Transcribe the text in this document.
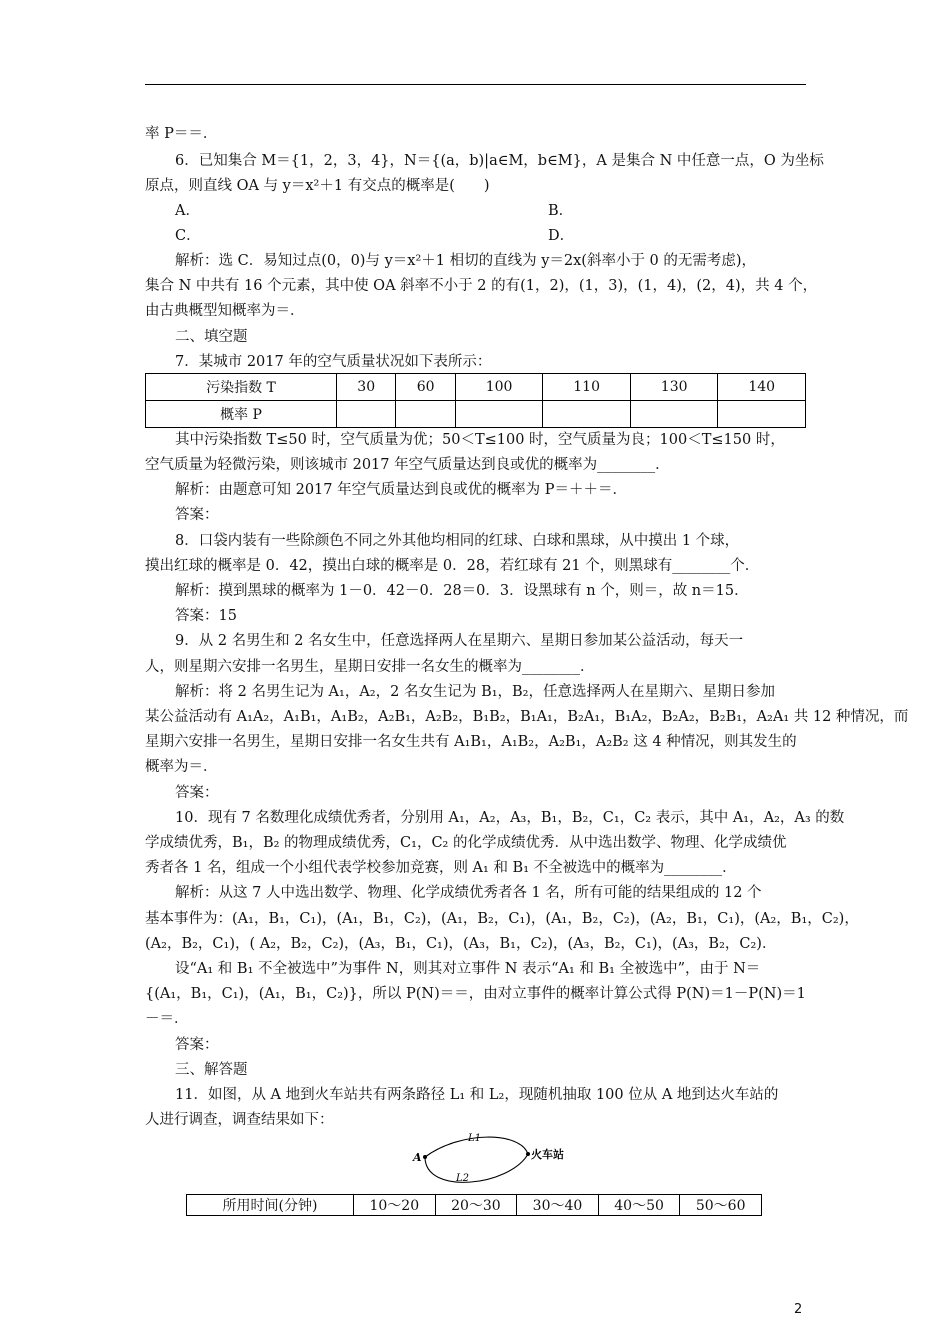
率 P＝＝．
6．已知集合 M＝{1，2，3，4}，N＝{(a，b)|a∈M，b∈M}，A 是集合 N 中任意一点，O 为坐标
原点，则直线 OA 与 y＝x²＋1 有交点的概率是(　　)
A．	B．
C．	D．
解析：选 C．易知过点(0，0)与 y＝x²＋1 相切的直线为 y＝2x(斜率小于 0 的无需考虑)，
集合 N 中共有 16 个元素，其中使 OA 斜率不小于 2 的有(1，2)，(1，3)，(1，4)，(2，4)，共 4 个，
由古典概型知概率为＝．
二、填空题
7．某城市 2017 年的空气质量状况如下表所示：
污染指数 T	30	60	100	110	130	140
概率 P						
其中污染指数 T≤50 时，空气质量为优；50＜T≤100 时，空气质量为良；100＜T≤150 时，
空气质量为轻微污染，则该城市 2017 年空气质量达到良或优的概率为________．
解析：由题意可知 2017 年空气质量达到良或优的概率为 P＝＋＋＝．
答案：
8．口袋内装有一些除颜色不同之外其他均相同的红球、白球和黑球，从中摸出 1 个球，
摸出红球的概率是 0．42，摸出白球的概率是 0．28，若红球有 21 个，则黑球有________个．
解析：摸到黑球的概率为 1－0．42－0．28＝0．3．设黑球有 n 个，则＝，故 n＝15．
答案：15
9．从 2 名男生和 2 名女生中，任意选择两人在星期六、星期日参加某公益活动，每天一
人，则星期六安排一名男生，星期日安排一名女生的概率为________．
解析：将 2 名男生记为 A₁，A₂，2 名女生记为 B₁，B₂，任意选择两人在星期六、星期日参加
某公益活动有 A₁A₂，A₁B₁，A₁B₂，A₂B₁，A₂B₂，B₁B₂，B₁A₁，B₂A₁，B₁A₂，B₂A₂，B₂B₁，A₂A₁ 共 12 种情况，而
星期六安排一名男生，星期日安排一名女生共有 A₁B₁，A₁B₂，A₂B₁，A₂B₂ 这 4 种情况，则其发生的
概率为＝．
答案：
10．现有 7 名数理化成绩优秀者，分别用 A₁，A₂，A₃，B₁，B₂，C₁，C₂ 表示，其中 A₁，A₂，A₃ 的数
学成绩优秀，B₁，B₂ 的物理成绩优秀，C₁，C₂ 的化学成绩优秀．从中选出数学、物理、化学成绩优
秀者各 1 名，组成一个小组代表学校参加竞赛，则 A₁ 和 B₁ 不全被选中的概率为________．
解析：从这 7 人中选出数学、物理、化学成绩优秀者各 1 名，所有可能的结果组成的 12 个
基本事件为：(A₁，B₁，C₁)，(A₁，B₁，C₂)，(A₁，B₂，C₁)，(A₁，B₂，C₂)，(A₂，B₁，C₁)，(A₂，B₁，C₂)，
(A₂，B₂，C₁)，( A₂，B₂，C₂)，(A₃，B₁，C₁)，(A₃，B₁，C₂)，(A₃，B₂，C₁)，(A₃，B₂，C₂)．
设“A₁ 和 B₁ 不全被选中”为事件 N，则其对立事件 N 表示“A₁ 和 B₁ 全被选中”，由于 N＝
{(A₁，B₁，C₁)，(A₁，B₁，C₂)}，所以 P(N)＝＝，由对立事件的概率计算公式得 P(N)＝1－P(N)＝1
－＝．
答案：
三、解答题
11．如图，从 A 地到火车站共有两条路径 L₁ 和 L₂，现随机抽取 100 位从 A 地到达火车站的
人进行调查，调查结果如下：
A	火车站
L1
L2
所用时间(分钟)	10～20	20～30	30～40	40～50	50～60
2
